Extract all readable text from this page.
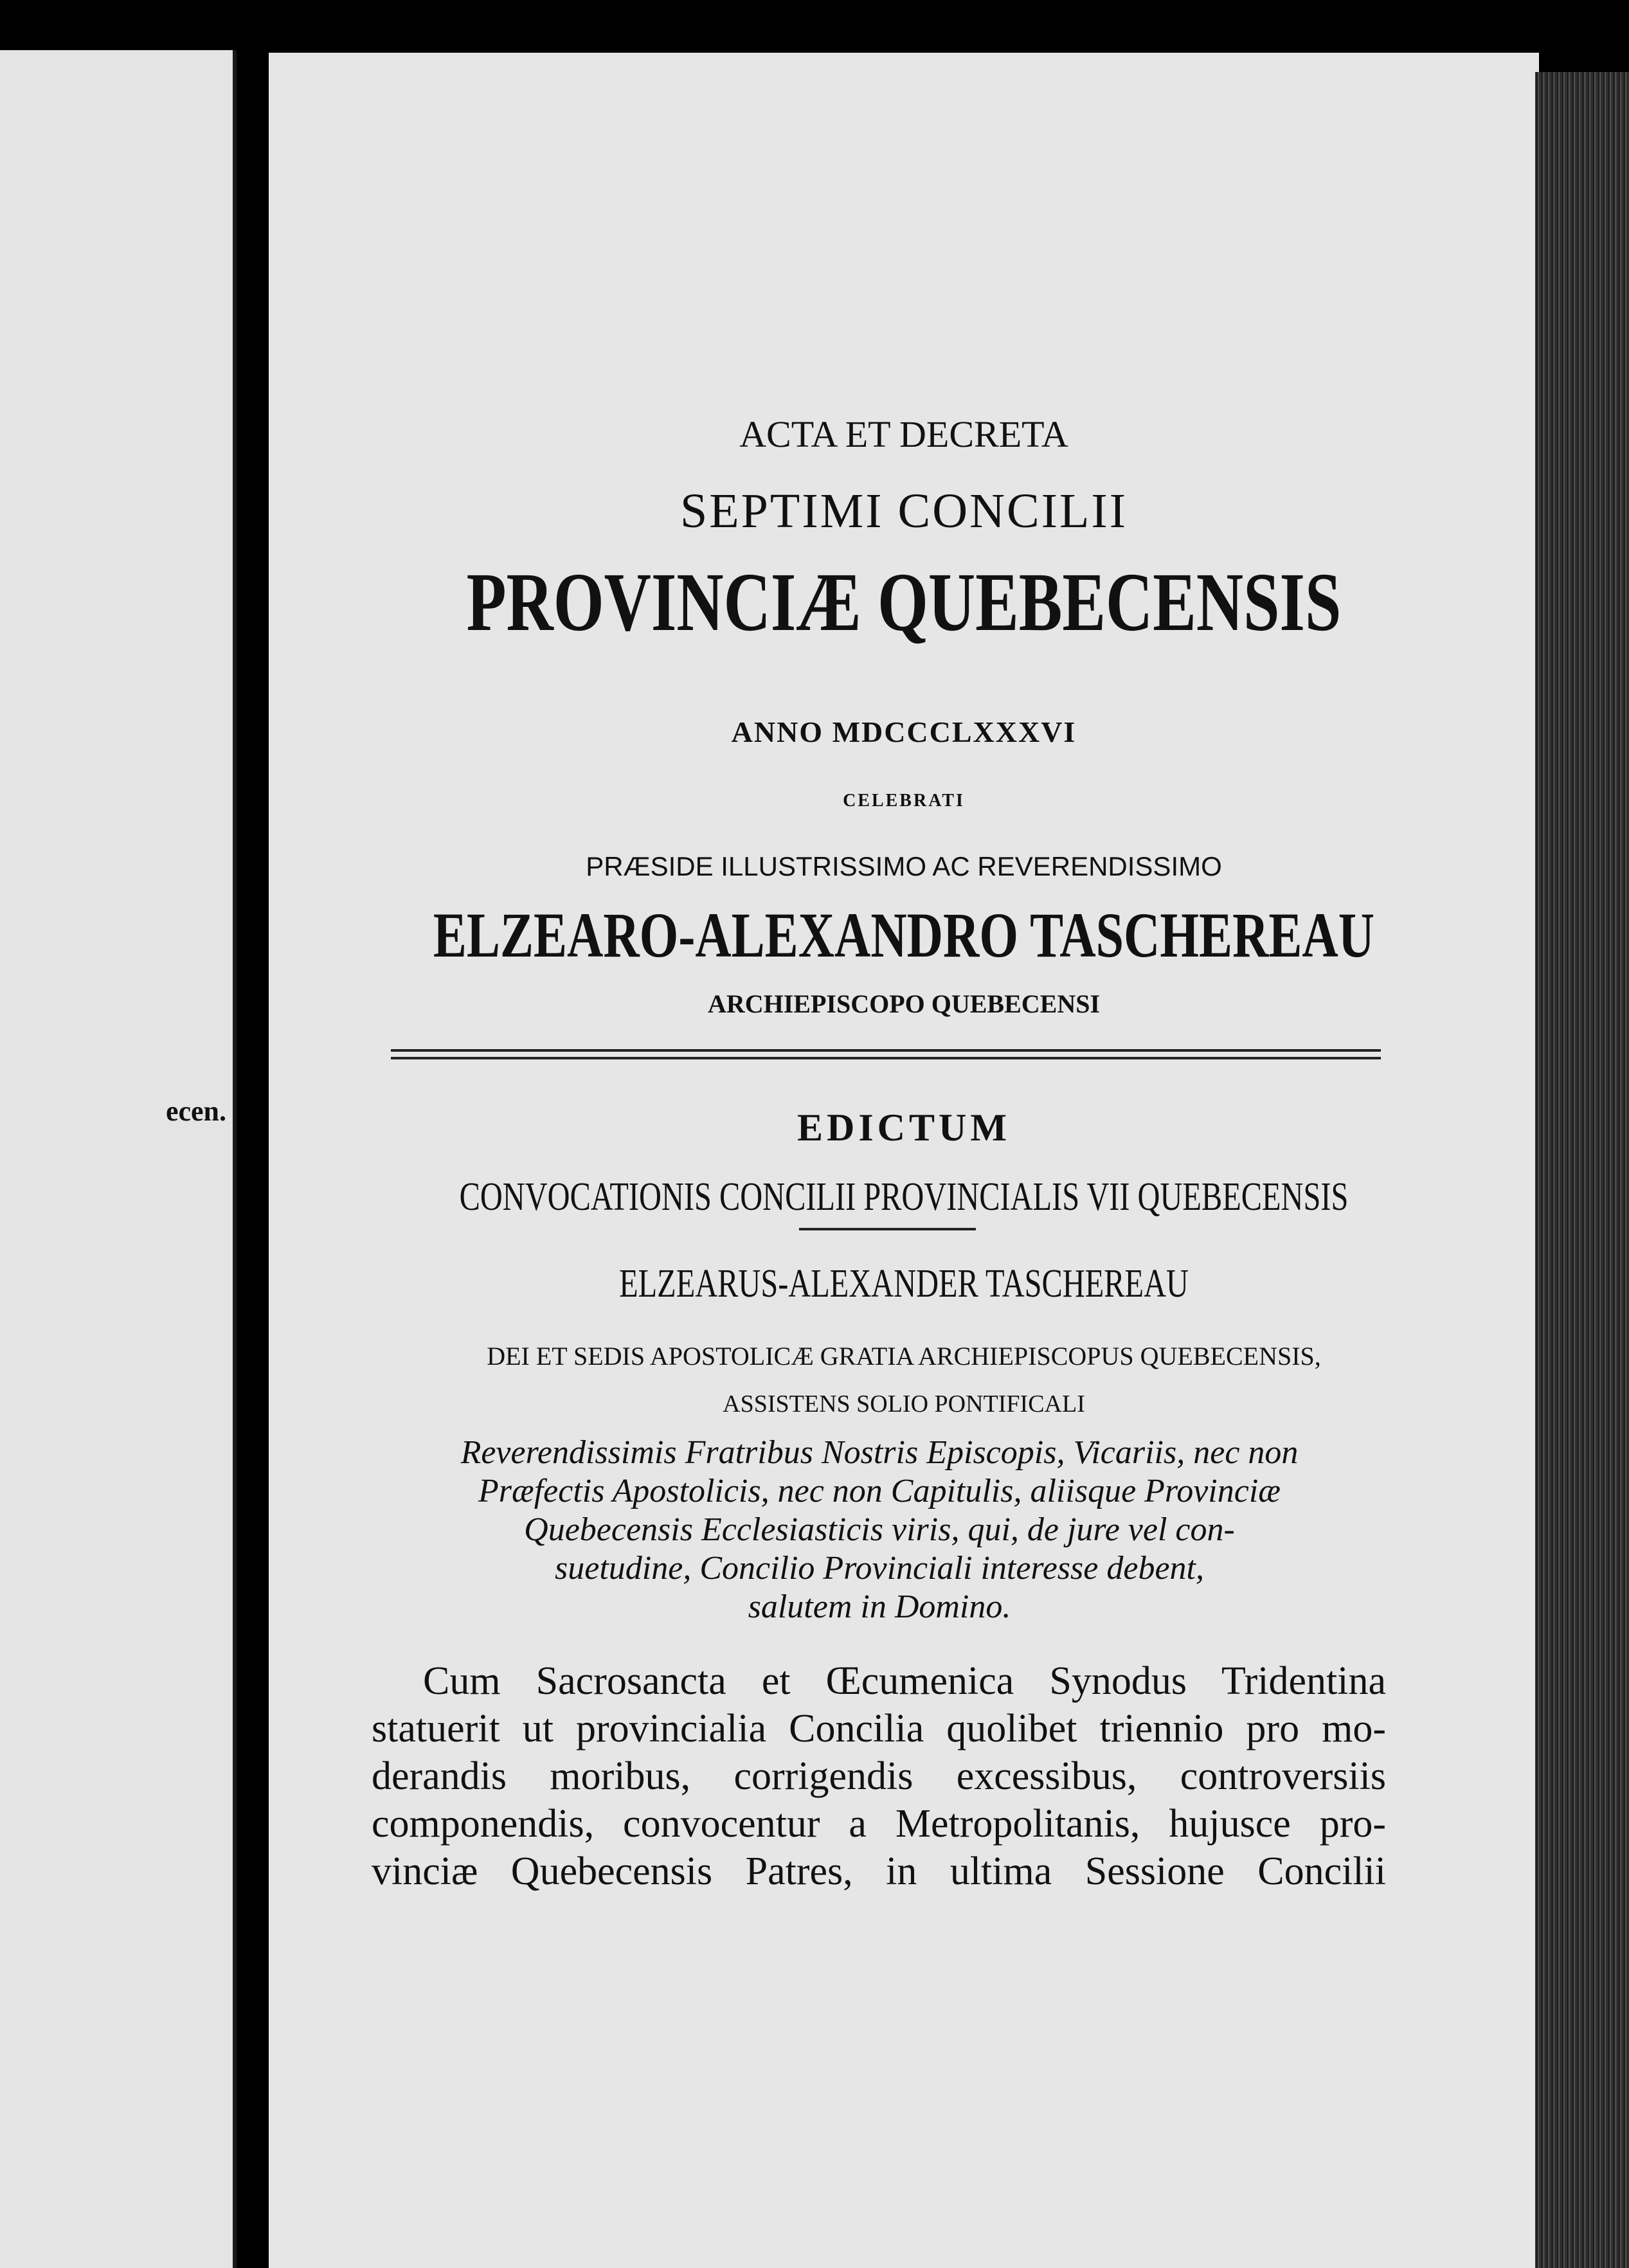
ecen.
ACTA ET DECRETA
SEPTIMI CONCILII
PROVINCIÆ QUEBECENSIS
ANNO MDCCCLXXXVI
CELEBRATI
PRÆSIDE ILLUSTRISSIMO AC REVERENDISSIMO
ELZEARO-ALEXANDRO TASCHEREAU
ARCHIEPISCOPO QUEBECENSI
EDICTUM
CONVOCATIONIS CONCILII PROVINCIALIS VII QUEBECENSIS
ELZEARUS-ALEXANDER TASCHEREAU
DEI ET SEDIS APOSTOLICÆ GRATIA ARCHIEPISCOPUS QUEBECENSIS,
ASSISTENS SOLIO PONTIFICALI
Reverendissimis Fratribus Nostris Episcopis, Vicariis, nec non
Præfectis Apostolicis, nec non Capitulis, aliisque Provinciæ
Quebecensis Ecclesiasticis viris, qui, de jure vel con-
suetudine, Concilio Provinciali interesse debent,
salutem in Domino.
Cum Sacrosancta et Œcumenica Synodus Tridentina
statuerit ut provincialia Concilia quolibet triennio pro mo-
derandis moribus, corrigendis excessibus, controversiis
componendis, convocentur a Metropolitanis, hujusce pro-
vinciæ Quebecensis Patres, in ultima Sessione Concilii
